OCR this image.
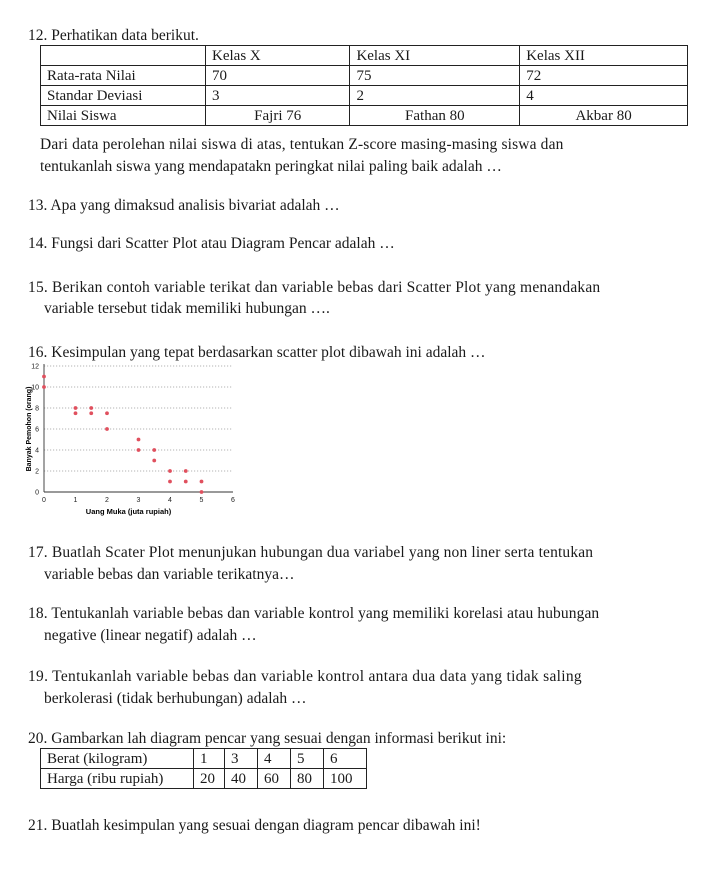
12. Perhatikan data berikut.
	Kelas X	Kelas XI	Kelas XII
Rata-rata Nilai	70	75	72
Standar Deviasi	3	2	4
Nilai Siswa	Fajri 76	Fathan 80	Akbar 80
Dari data perolehan nilai siswa di atas, tentukan Z-score masing-masing siswa dan
tentukanlah siswa yang mendapatakn peringkat nilai paling baik adalah …
13. Apa yang dimaksud analisis bivariat adalah …
14. Fungsi dari Scatter Plot atau Diagram Pencar adalah …
15. Berikan contoh variable terikat dan variable bebas dari Scatter Plot yang menandakan
variable tersebut tidak memiliki hubungan ….
16. Kesimpulan yang tepat berdasarkan scatter plot dibawah ini adalah …
0
2
4
6
8
10
12
0	1	2	3	4	5	6
Uang Muka (juta rupiah)
Banyak Pemohon (orang)
17. Buatlah Scater Plot menunjukan hubungan dua variabel yang non liner serta tentukan
variable bebas dan variable terikatnya…
18. Tentukanlah variable bebas dan variable kontrol yang memiliki korelasi atau hubungan
negative (linear negatif) adalah …
19. Tentukanlah variable bebas dan variable kontrol antara dua data yang tidak saling
berkolerasi (tidak berhubungan) adalah …
20. Gambarkan lah diagram pencar yang sesuai dengan informasi berikut ini:
Berat (kilogram)	1	3	4	5	6
Harga (ribu rupiah)	20	40	60	80	100
21. Buatlah kesimpulan yang sesuai dengan diagram pencar dibawah ini!
